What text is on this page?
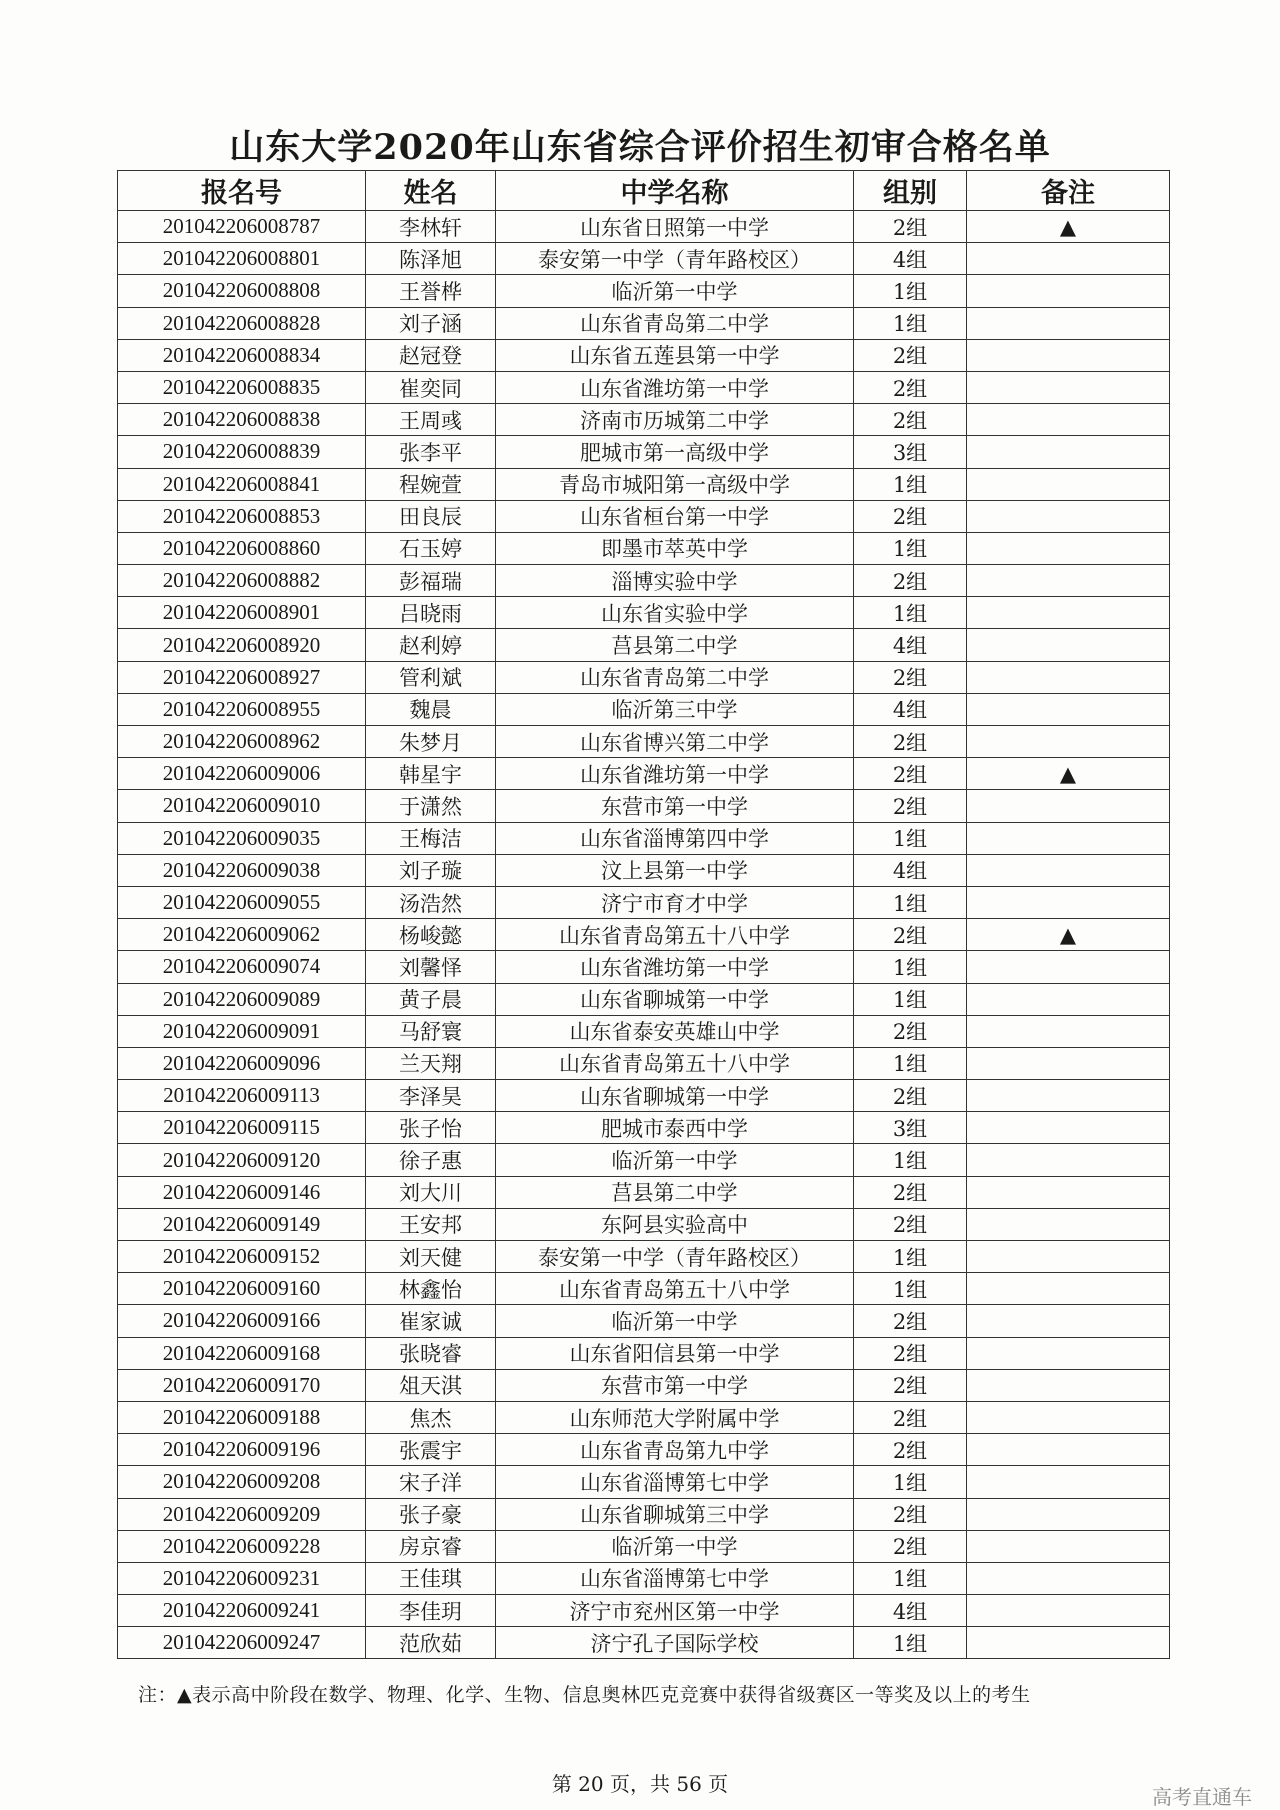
山东大学2020年山东省综合评价招生初审合格名单
报名号	姓名	中学名称	组别	备注
201042206008787	李林轩	山东省日照第一中学	2组	▲
201042206008801	陈泽旭	泰安第一中学（青年路校区）	4组	
201042206008808	王誉桦	临沂第一中学	1组	
201042206008828	刘子涵	山东省青岛第二中学	1组	
201042206008834	赵冠登	山东省五莲县第一中学	2组	
201042206008835	崔奕同	山东省潍坊第一中学	2组	
201042206008838	王周彧	济南市历城第二中学	2组	
201042206008839	张李平	肥城市第一高级中学	3组	
201042206008841	程婉萱	青岛市城阳第一高级中学	1组	
201042206008853	田良辰	山东省桓台第一中学	2组	
201042206008860	石玉婷	即墨市萃英中学	1组	
201042206008882	彭福瑞	淄博实验中学	2组	
201042206008901	吕晓雨	山东省实验中学	1组	
201042206008920	赵利婷	莒县第二中学	4组	
201042206008927	管利斌	山东省青岛第二中学	2组	
201042206008955	魏晨	临沂第三中学	4组	
201042206008962	朱梦月	山东省博兴第二中学	2组	
201042206009006	韩星宇	山东省潍坊第一中学	2组	▲
201042206009010	于潇然	东营市第一中学	2组	
201042206009035	王梅洁	山东省淄博第四中学	1组	
201042206009038	刘子璇	汶上县第一中学	4组	
201042206009055	汤浩然	济宁市育才中学	1组	
201042206009062	杨峻懿	山东省青岛第五十八中学	2组	▲
201042206009074	刘馨怿	山东省潍坊第一中学	1组	
201042206009089	黄子晨	山东省聊城第一中学	1组	
201042206009091	马舒寰	山东省泰安英雄山中学	2组	
201042206009096	兰天翔	山东省青岛第五十八中学	1组	
201042206009113	李泽昊	山东省聊城第一中学	2组	
201042206009115	张子怡	肥城市泰西中学	3组	
201042206009120	徐子惠	临沂第一中学	1组	
201042206009146	刘大川	莒县第二中学	2组	
201042206009149	王安邦	东阿县实验高中	2组	
201042206009152	刘天健	泰安第一中学（青年路校区）	1组	
201042206009160	林鑫怡	山东省青岛第五十八中学	1组	
201042206009166	崔家诚	临沂第一中学	2组	
201042206009168	张晓睿	山东省阳信县第一中学	2组	
201042206009170	俎天淇	东营市第一中学	2组	
201042206009188	焦杰	山东师范大学附属中学	2组	
201042206009196	张震宇	山东省青岛第九中学	2组	
201042206009208	宋子洋	山东省淄博第七中学	1组	
201042206009209	张子豪	山东省聊城第三中学	2组	
201042206009228	房京睿	临沂第一中学	2组	
201042206009231	王佳琪	山东省淄博第七中学	1组	
201042206009241	李佳玥	济宁市兖州区第一中学	4组	
201042206009247	范欣茹	济宁孔子国际学校	1组	
注：▲表示高中阶段在数学、物理、化学、生物、信息奥林匹克竞赛中获得省级赛区一等奖及以上的考生
第 20 页，共 56 页
高考直通车
